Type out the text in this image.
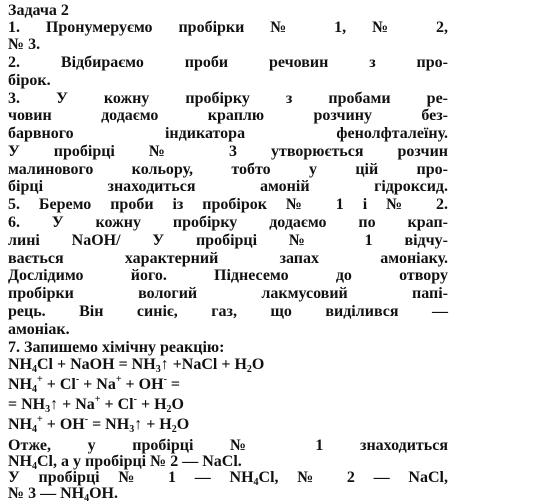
Задача 2
1. Пронумеруємо пробірки № 1, № 2,
№ 3.
2. Відбираємо проби речовин з про-
бірок.
3. У кожну пробірку з пробами ре-
човин додаємо краплю розчину без-
барвного індикатора фенолфталеїну.
У пробірці № 3 утворюється розчин
малинового кольору, тобто у цій про-
бірці знаходиться амоній гідроксид.
5. Беремо проби із пробірок № 1 і № 2.
6. У кожну пробірку додаємо по крап-
лині NaOH/ У пробірці № 1 відчу-
вається характерний запах амоніаку.
Дослідимо його. Піднесемо до отвору
пробірки вологий лакмусовий папі-
рець. Він синіє, газ, що виділився —
амоніак.
7. Запишемо хімічну реакцію:
$NH_4Cl$ + NaOH = $NH_3↑$ +NaCl + $H_2O$
$NH_4^+ + Cl^- + Na^+ + OH^-$ =
= $NH_3↑ + Na^+ + Cl^- + H_2O$
$NH_4^+ + OH^-$ = $NH_3↑ + H_2O$
Отже, у пробірці № 1 знаходиться
$NH_4Cl$, а у пробірці № 2 — NaCl.
У пробірці № 1 — $NH_4Cl$, № 2 — NaCl,
№ 3 — $NH_4OH$.
